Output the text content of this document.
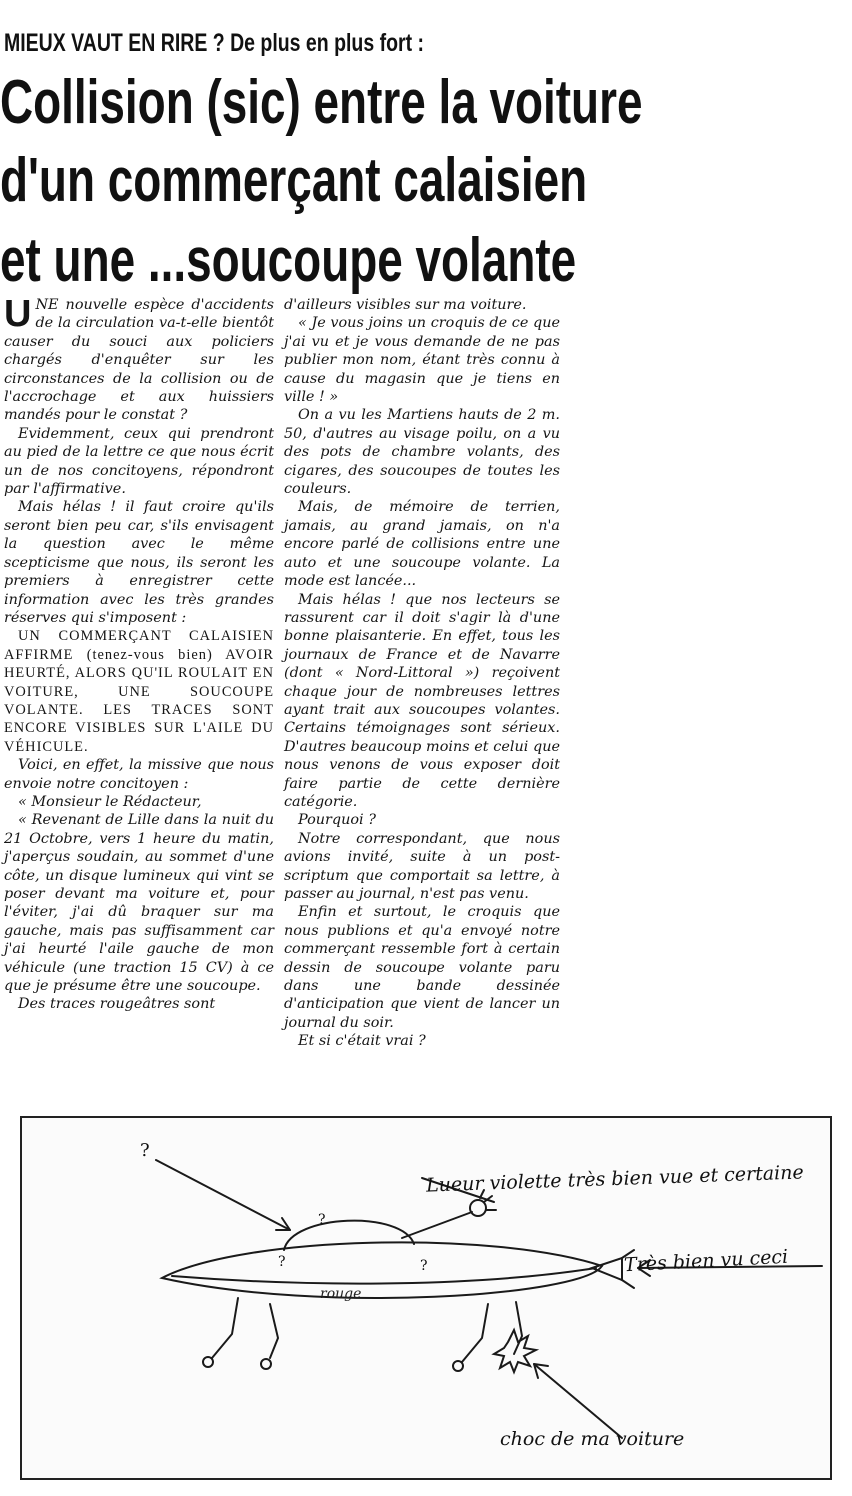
MIEUX VAUT EN RIRE ? De plus en plus fort :
Collision (sic) entre la voiture
d'un commerçant calaisien
et une ...soucoupe volante

UNE nouvelle espèce d'accidents de la circulation va-t-elle bientôt causer du souci aux policiers chargés d'enquêter sur les circonstances de la collision ou de l'accrochage et aux huissiers mandés pour le constat ?

Evidemment, ceux qui prendront au pied de la lettre ce que nous écrit un de nos concitoyens, répondront par l'affirmative.

Mais hélas ! il faut croire qu'ils seront bien peu car, s'ils envisagent la question avec le même scepticisme que nous, ils seront les premiers à enregistrer cette information avec les très grandes réserves qui s'imposent :

UN COMMERÇANT CALAISIEN AFFIRME (tenez-vous bien) AVOIR HEURTÉ, ALORS QU'IL ROULAIT EN VOITURE, UNE SOUCOUPE VOLANTE. LES TRACES SONT ENCORE VISIBLES SUR L'AILE DU VÉHICULE.

Voici, en effet, la missive que nous envoie notre concitoyen :

« Monsieur le Rédacteur,

« Revenant de Lille dans la nuit du 21 Octobre, vers 1 heure du matin, j'aperçus soudain, au sommet d'une côte, un disque lumineux qui vint se poser devant ma voiture et, pour l'éviter, j'ai dû braquer sur ma gauche, mais pas suffisamment car j'ai heurté l'aile gauche de mon véhicule (une traction 15 CV) à ce que je présume être une soucoupe.

Des traces rougeâtres sont

d'ailleurs visibles sur ma voiture.

« Je vous joins un croquis de ce que j'ai vu et je vous demande de ne pas publier mon nom, étant très connu à cause du magasin que je tiens en ville ! »

On a vu les Martiens hauts de 2 m. 50, d'autres au visage poilu, on a vu des pots de chambre volants, des cigares, des soucoupes de toutes les couleurs.

Mais, de mémoire de terrien, jamais, au grand jamais, on n'a encore parlé de collisions entre une auto et une soucoupe volante. La mode est lancée...

Mais hélas ! que nos lecteurs se rassurent car il doit s'agir là d'une bonne plaisanterie. En effet, tous les journaux de France et de Navarre (dont « Nord-Littoral ») reçoivent chaque jour de nombreuses lettres ayant trait aux soucoupes volantes. Certains témoignages sont sérieux. D'autres beaucoup moins et celui que nous venons de vous exposer doit faire partie de cette dernière catégorie.

Pourquoi ?

Notre correspondant, que nous avions invité, suite à un post-scriptum que comportait sa lettre, à passer au journal, n'est pas venu.

Enfin et surtout, le croquis que nous publions et qu'a envoyé notre commerçant ressemble fort à certain dessin de soucoupe volante paru dans une bande dessinée d'anticipation que vient de lancer un journal du soir.

Et si c'était vrai ?

?
?
?	?
rouge
Lueur violette très bien vue et certaine
Très bien vu ceci
choc de ma voiture
